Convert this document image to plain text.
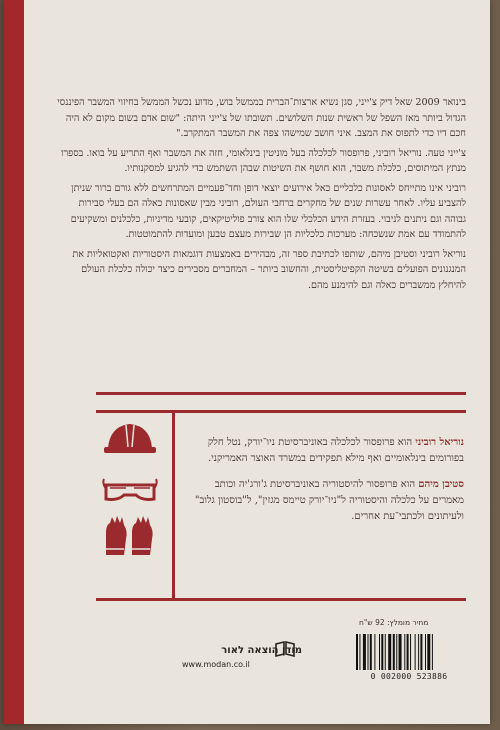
בינואר 2009 שאל דיק צ'ייני, סגן נשיא ארצות־הברית בממשל בוש, מדוע נכשל הממשל בחיזוי המשבר הפיננסי הגדול ביותר מאז השפל של ראשית שנות השלושים. תשובתו של צ'ייני היתה: "שום אדם בשום מקום לא היה חכם דיו כדי לתפוס את המצב. איני חושב שמישהו צפה את המשבר המתקרב."

צ'ייני טעה. נוריאל רוביני, פרופסור לכלכלה בעל מוניטין בינלאומי, חזה את המשבר ואף התריע על בואו. בספרו מנתץ המיתוסים, כלכלת משבר, הוא חושף את השיטות שבהן השתמש כדי להגיע למסקנותיו.

רוביני אינו מתייחס לאסונות כלכליים כאל אירועים יוצאי דופן וחד־פעמיים המתרחשים ללא גורם ברור שניתן להצביע עליו. לאחר עשרות שנים של מחקרים ברחבי העולם, רוביני מבין שאסונות כאלה הם בעלי סבירות גבוהה וגם ניתנים לניבוי. בעזרת הידע הכלכלי שלו הוא צורב פוליטיקאים, קובעי מדיניות, כלכלנים ומשקיעים להתמודד עם אמת שנשכחה: מערכות כלכליות הן שבירות מעצם טבען ומועדות להתמוטטות.

נוריאל רוביני וסטיבן מיהם, שותפו לכתיבת ספר זה, מבהירים באמצעות דוגמאות היסטוריות ואקטואליות את המנגנונים הפועלים בשיטה הקפיטליסטית, והחשוב ביותר – המחברים מסבירים כיצד יכולה כלכלת העולם להיחלץ ממשברים כאלה וגם להימנע מהם.

נוריאל רוביני הוא פרופסור לכלכלה באוניברסיטת ניו־יורק, נטל חלק בפורומים בינלאומיים ואף מילא תפקידים במשרד האוצר האמריקני.

סטיבן מיהם הוא פרופסור להיסטוריה באוניברסיטת ג'ורג'יה וכותב מאמרים על כלכלה והיסטוריה ל"ניו־יורק טיימס מגזין", ל"בוסטון גלוב" ולעיתונים ולכתבי־עת אחרים.

מודן הוצאה לאור
www.modan.co.il
מחיר מומלץ: 92 ש"ח
0 002000 523886
